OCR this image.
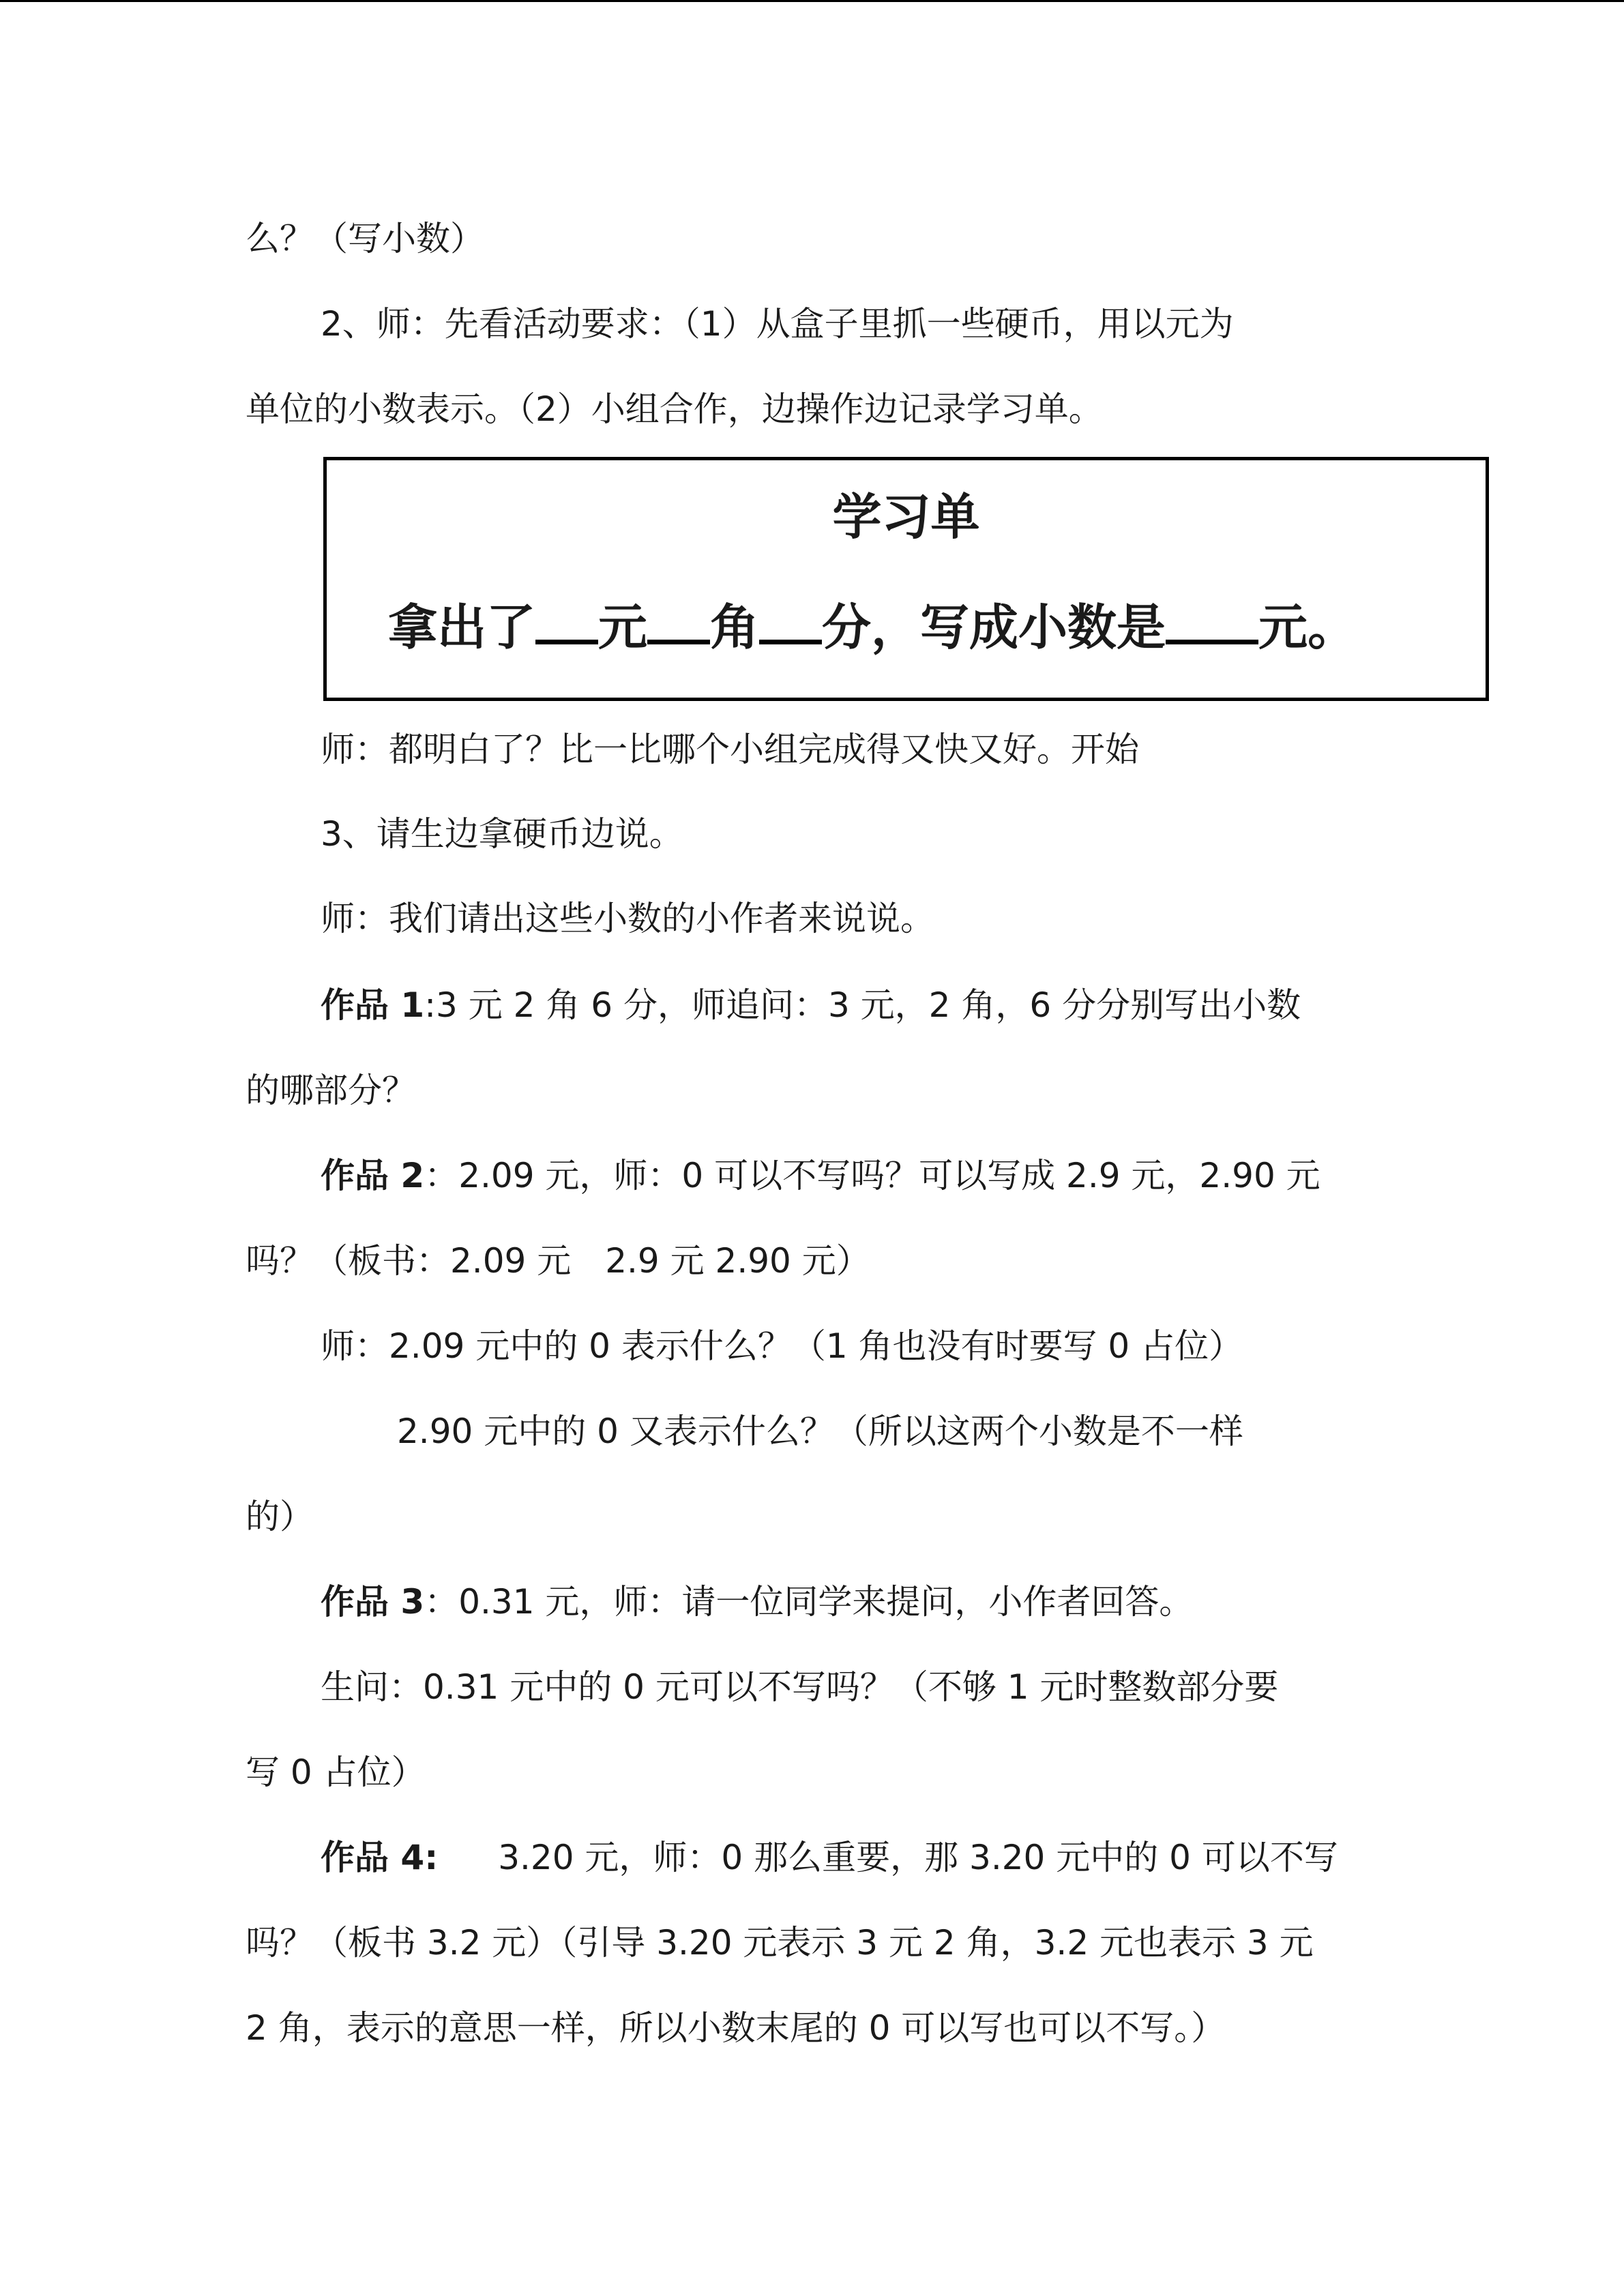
么？（写小数）
2、师：先看活动要求：（1）从盒子里抓一些硬币，用以元为
单位的小数表示。（2）小组合作，边操作边记录学习单。
学习单
拿出了 元 角 分，写成小数是 元。
师：都明白了？比一比哪个小组完成得又快又好。开始
3、请生边拿硬币边说。
师：我们请出这些小数的小作者来说说。
作品 1:3 元 2 角 6 分，师追问：3 元，2 角，6 分分别写出小数
的哪部分？
作品 2：2.09 元，师：0 可以不写吗？可以写成 2.9 元，2.90 元
吗？（板书：2.09 元　2.9 元 2.90 元）
师：2.09 元中的 0 表示什么？（1 角也没有时要写 0 占位）
2.90 元中的 0 又表示什么？（所以这两个小数是不一样
的）
作品 3：0.31 元，师：请一位同学来提问，小作者回答。
生问：0.31 元中的 0 元可以不写吗？（不够 1 元时整数部分要
写 0 占位）
作品 4: 3.20 元，师：0 那么重要，那 3.20 元中的 0 可以不写
吗？（板书 3.2 元）（引导 3.20 元表示 3 元 2 角，3.2 元也表示 3 元
2 角，表示的意思一样，所以小数末尾的 0 可以写也可以不写。）
